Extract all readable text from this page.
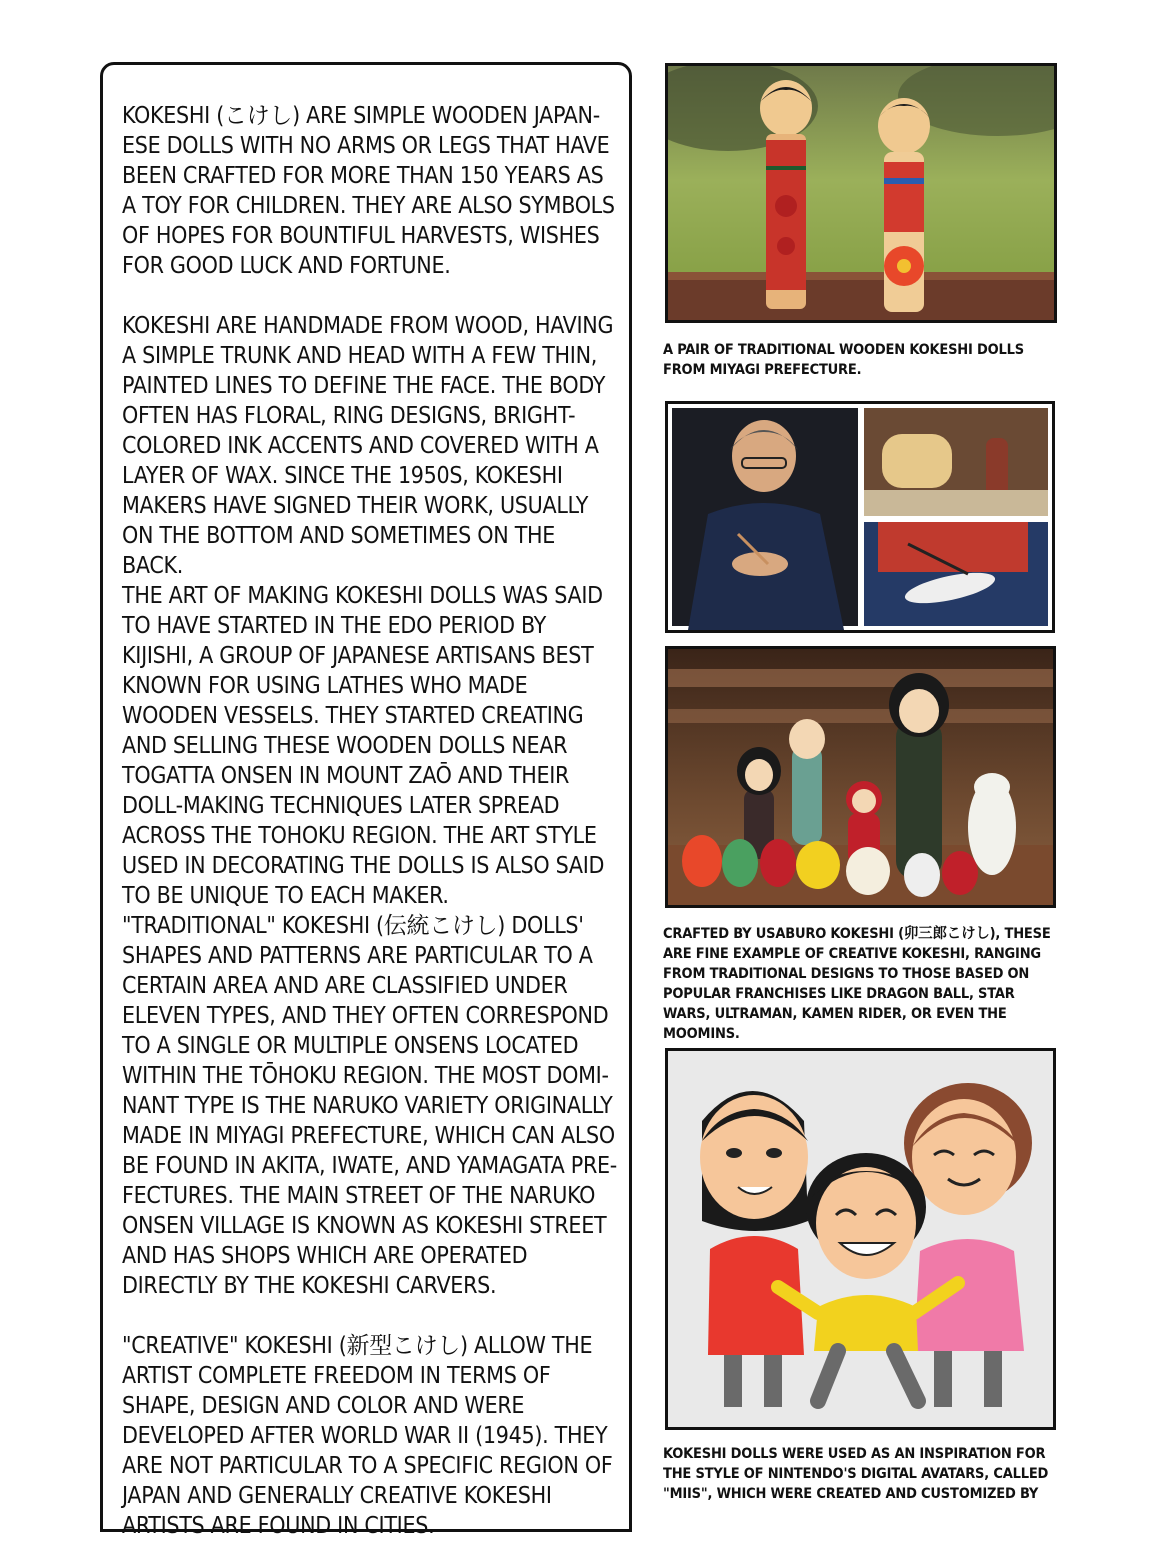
KOKESHI (こけし) ARE SIMPLE WOODEN JAPAN- ESE DOLLS WITH NO ARMS OR LEGS THAT HAVE BEEN CRAFTED FOR MORE THAN 150 YEARS AS A TOY FOR CHILDREN. THEY ARE ALSO SYMBOLS OF HOPES FOR BOUNTIFUL HARVESTS, WISHES FOR GOOD LUCK AND FORTUNE.

KOKESHI ARE HANDMADE FROM WOOD, HAVING A SIMPLE TRUNK AND HEAD WITH A FEW THIN, PAINTED LINES TO DEFINE THE FACE. THE BODY OFTEN HAS FLORAL, RING DESIGNS, BRIGHT- COLORED INK ACCENTS AND COVERED WITH A LAYER OF WAX. SINCE THE 1950S, KOKESHI MAKERS HAVE SIGNED THEIR WORK, USUALLY ON THE BOTTOM AND SOMETIMES ON THE BACK.

THE ART OF MAKING KOKESHI DOLLS WAS SAID TO HAVE STARTED IN THE EDO PERIOD BY KIJISHI, A GROUP OF JAPANESE ARTISANS BEST KNOWN FOR USING LATHES WHO MADE WOODEN VESSELS. THEY STARTED CREATING AND SELLING THESE WOODEN DOLLS NEAR TOGATTA ONSEN IN MOUNT ZAŌ AND THEIR DOLL-MAKING TECHNIQUES LATER SPREAD ACROSS THE TOHOKU REGION. THE ART STYLE USED IN DECORATING THE DOLLS IS ALSO SAID TO BE UNIQUE TO EACH MAKER.

"TRADITIONAL" KOKESHI (伝統こけし) DOLLS' SHAPES AND PATTERNS ARE PARTICULAR TO A CERTAIN AREA AND ARE CLASSIFIED UNDER ELEVEN TYPES, AND THEY OFTEN CORRESPOND TO A SINGLE OR MULTIPLE ONSENS LOCATED WITHIN THE TŌHOKU REGION. THE MOST DOMI- NANT TYPE IS THE NARUKO VARIETY ORIGINALLY MADE IN MIYAGI PREFECTURE, WHICH CAN ALSO BE FOUND IN AKITA, IWATE, AND YAMAGATA PRE- FECTURES. THE MAIN STREET OF THE NARUKO ONSEN VILLAGE IS KNOWN AS KOKESHI STREET AND HAS SHOPS WHICH ARE OPERATED DIRECTLY BY THE KOKESHI CARVERS.

"CREATIVE" KOKESHI (新型こけし) ALLOW THE ARTIST COMPLETE FREEDOM IN TERMS OF SHAPE, DESIGN AND COLOR AND WERE DEVELOPED AFTER WORLD WAR II (1945). THEY ARE NOT PARTICULAR TO A SPECIFIC REGION OF JAPAN AND GENERALLY CREATIVE KOKESHI ARTISTS ARE FOUND IN CITIES.

A PAIR OF TRADITIONAL WOODEN KOKESHI DOLLS FROM MIYAGI PREFECTURE.

CRAFTED BY USABURO KOKESHI (卯三郎こけし), THESE ARE FINE EXAMPLE OF CREATIVE KOKESHI, RANGING FROM TRADITIONAL DESIGNS TO THOSE BASED ON POPULAR FRANCHISES LIKE DRAGON BALL, STAR WARS, ULTRAMAN, KAMEN RIDER, OR EVEN THE MOOMINS.

KOKESHI DOLLS WERE USED AS AN INSPIRATION FOR THE STYLE OF NINTENDO'S DIGITAL AVATARS, CALLED "MIIS", WHICH WERE CREATED AND CUSTOMIZED BY
